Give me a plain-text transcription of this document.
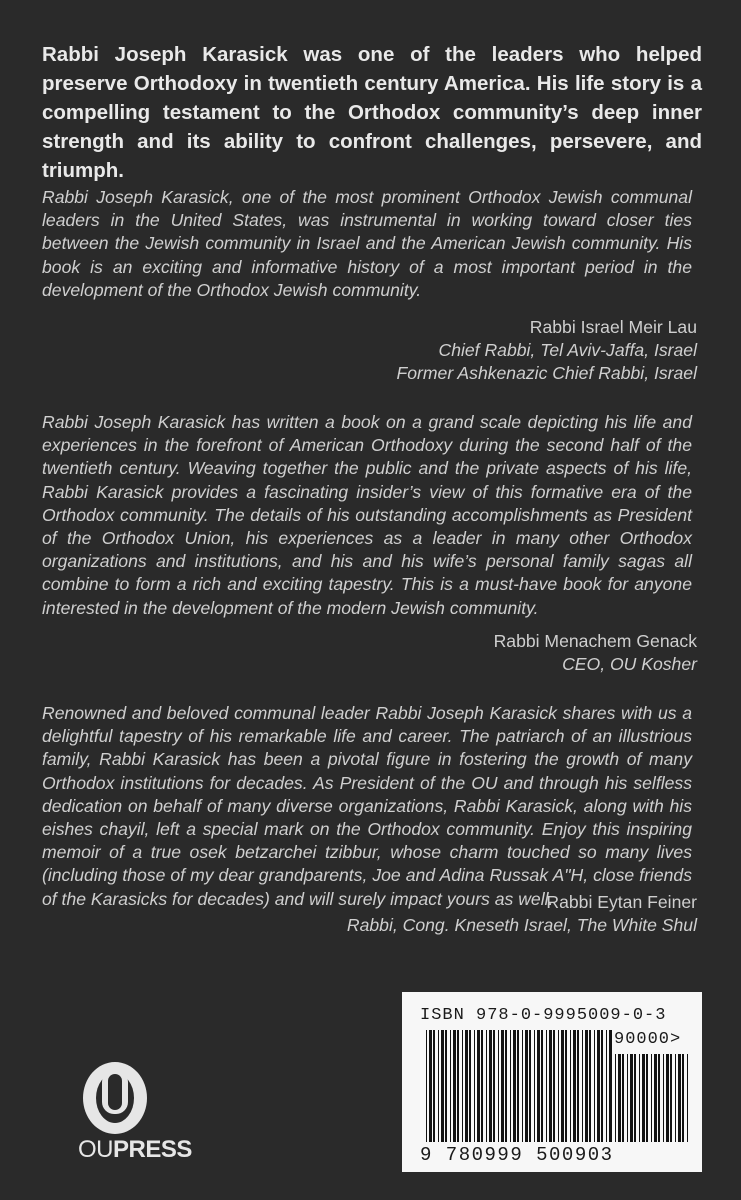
Rabbi Joseph Karasick was one of the leaders who helped preserve Orthodoxy in twentieth century America. His life story is a compelling testament to the Orthodox community’s deep inner strength and its ability to confront challenges, persevere, and triumph.
Rabbi Joseph Karasick, one of the most prominent Orthodox Jewish communal leaders in the United States, was instrumental in working toward closer ties between the Jewish community in Israel and the American Jewish community. His book is an exciting and informative history of a most important period in the development of the Orthodox Jewish community.
Rabbi Israel Meir Lau
Chief Rabbi, Tel Aviv-Jaffa, Israel
Former Ashkenazic Chief Rabbi, Israel
Rabbi Joseph Karasick has written a book on a grand scale depicting his life and experiences in the forefront of American Orthodoxy during the second half of the twentieth century. Weaving together the public and the private aspects of his life, Rabbi Karasick provides a fascinating insider’s view of this formative era of the Orthodox community. The details of his outstanding accomplishments as President of the Orthodox Union, his experiences as a leader in many other Orthodox organizations and institutions, and his and his wife’s personal family sagas all combine to form a rich and exciting tapestry. This is a must-have book for anyone interested in the development of the modern Jewish community.
Rabbi Menachem Genack
CEO, OU Kosher
Renowned and beloved communal leader Rabbi Joseph Karasick shares with us a delightful tapestry of his remarkable life and career. The patriarch of an illustrious family, Rabbi Karasick has been a pivotal figure in fostering the growth of many Orthodox institutions for decades. As President of the OU and through his selfless dedication on behalf of many diverse organizations, Rabbi Karasick, along with his eishes chayil, left a special mark on the Orthodox community. Enjoy this inspiring memoir of a true osek betzarchei tzibbur, whose charm touched so many lives (including those of my dear grandparents, Joe and Adina Russak A"H, close friends of the Karasicks for decades) and will surely impact yours as well.
Rabbi Eytan Feiner
Rabbi, Cong. Kneseth Israel, The White Shul
OUPRESS
ISBN 978-0-9995009-0-3
90000>
9 780999 500903
